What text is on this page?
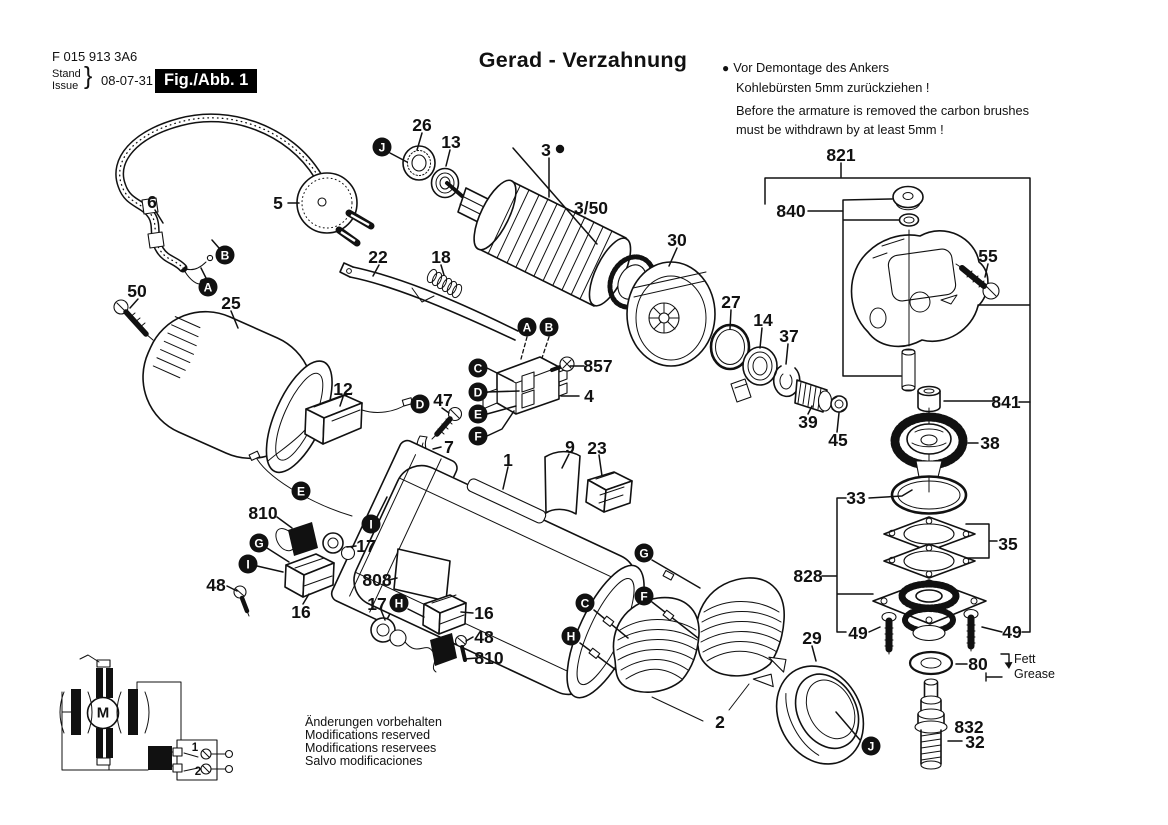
26
13	3
3/50
6	5
50
25
22 18
30
27
14
37
39
45
821
840
55
841
38
33
35
828
49	49
80
832
32
29
2
857
4
47
12
7
1
9 23
810
17
48
16
808
17	16
48
810
J
B
A
A B
C
D
E
F
D
E
I
G
I
H
G
F
C
H
J
M
1
2
F 015 913 3A6
Stand
Issue } 08-07-31 Fig./Abb. 1
Gerad - Verzahnung	● Vor Demontage des Ankers
Kohlebürsten 5mm zurückziehen !
Before the armature is removed the carbon brushes
must be withdrawn by at least 5mm !
Änderungen vorbehalten
Modifications reserved
Modifications reservees
Salvo modificaciones
Fett
Grease
